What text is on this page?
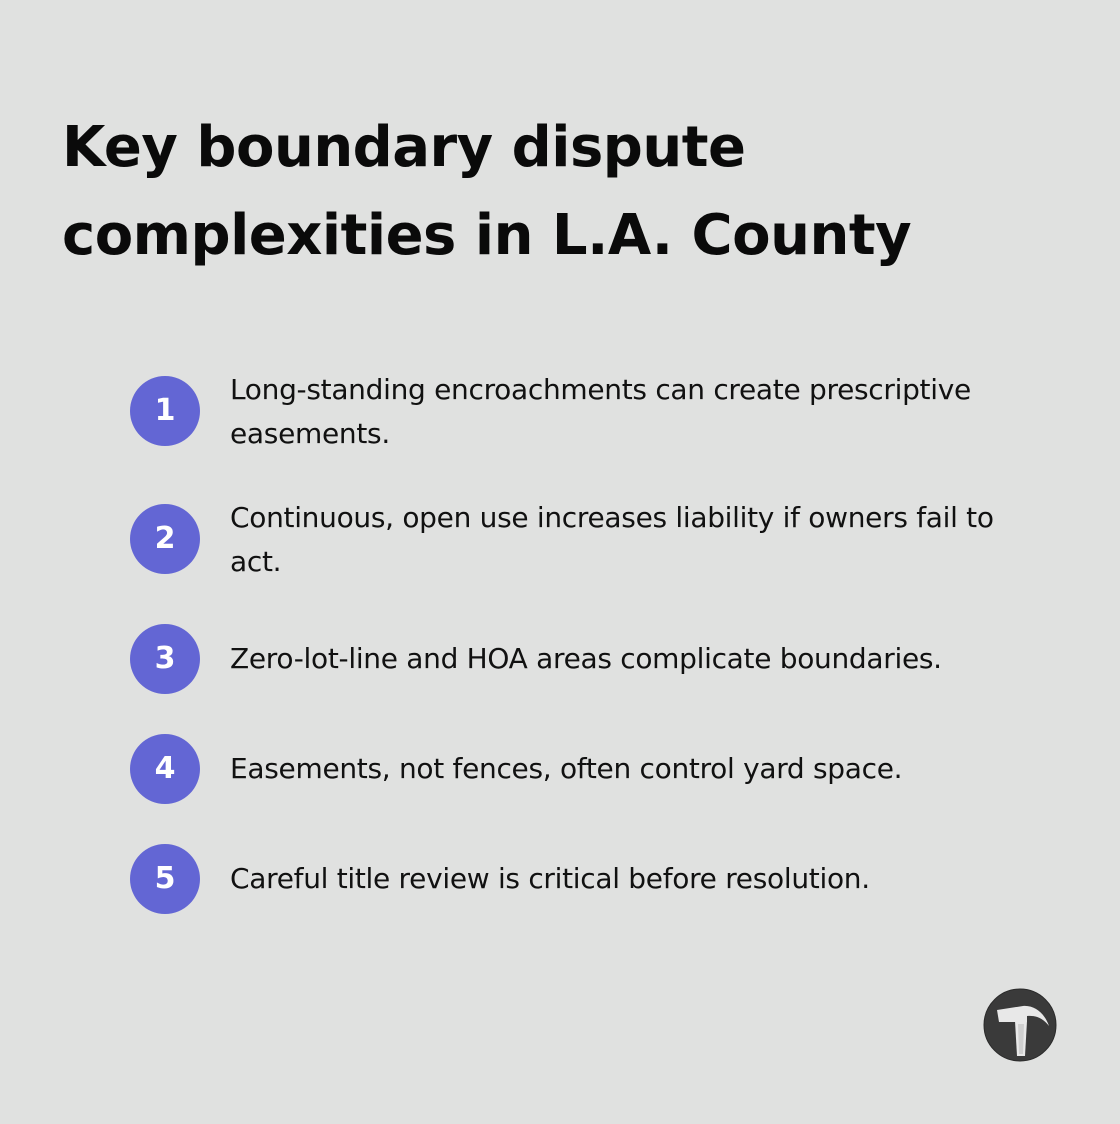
Key boundary dispute
complexities in L.A. County
1
Long-standing encroachments can create prescriptive easements.
2
Continuous, open use increases liability if owners fail to act.
3	Zero-lot-line and HOA areas complicate boundaries.
4	Easements, not fences, often control yard space.
5	Careful title review is critical before resolution.
